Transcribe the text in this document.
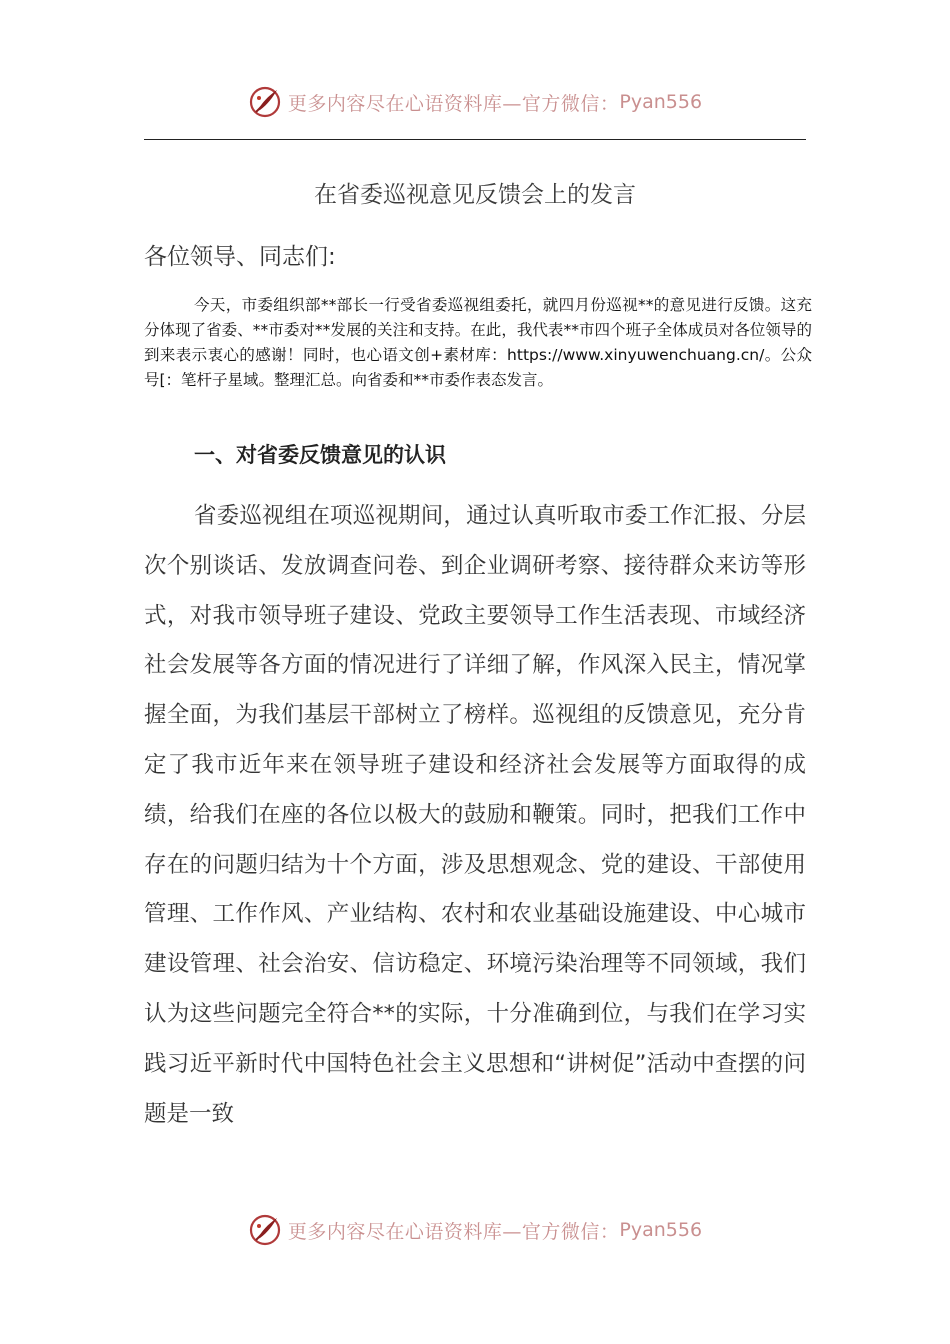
更多内容尽在心语资料库—官方微信： Pyan556
在省委巡视意见反馈会上的发言
各位领导、同志们:

今天，市委组织部**部长一行受省委巡视组委托，就四月份巡视**的意见进行反馈。这充分体现了省委、**市委对**发展的关注和支持。在此，我代表**市四个班子全体成员对各位领导的到来表示衷心的感谢！同时，也心语文创+素材库：https://www.xinyuwenchuang.cn/。公众号[：笔杆子星域。整理汇总。向省委和**市委作表态发言。

一、对省委反馈意见的认识

省委巡视组在项巡视期间，通过认真听取市委工作汇报、分层次个别谈话、发放调查问卷、到企业调研考察、接待群众来访等形式，对我市领导班子建设、党政主要领导工作生活表现、市域经济社会发展等各方面的情况进行了详细了解，作风深入民主，情况掌握全面，为我们基层干部树立了榜样。巡视组的反馈意见，充分肯定了我市近年来在领导班子建设和经济社会发展等方面取得的成绩，给我们在座的各位以极大的鼓励和鞭策。同时，把我们工作中存在的问题归结为十个方面，涉及思想观念、党的建设、干部使用管理、工作作风、产业结构、农村和农业基础设施建设、中心城市建设管理、社会治安、信访稳定、环境污染治理等不同领域，我们认为这些问题完全符合**的实际，十分准确到位，与我们在学习实践习近平新时代中国特色社会主义思想和“讲树促”活动中查摆的问题是一致

更多内容尽在心语资料库—官方微信： Pyan556
